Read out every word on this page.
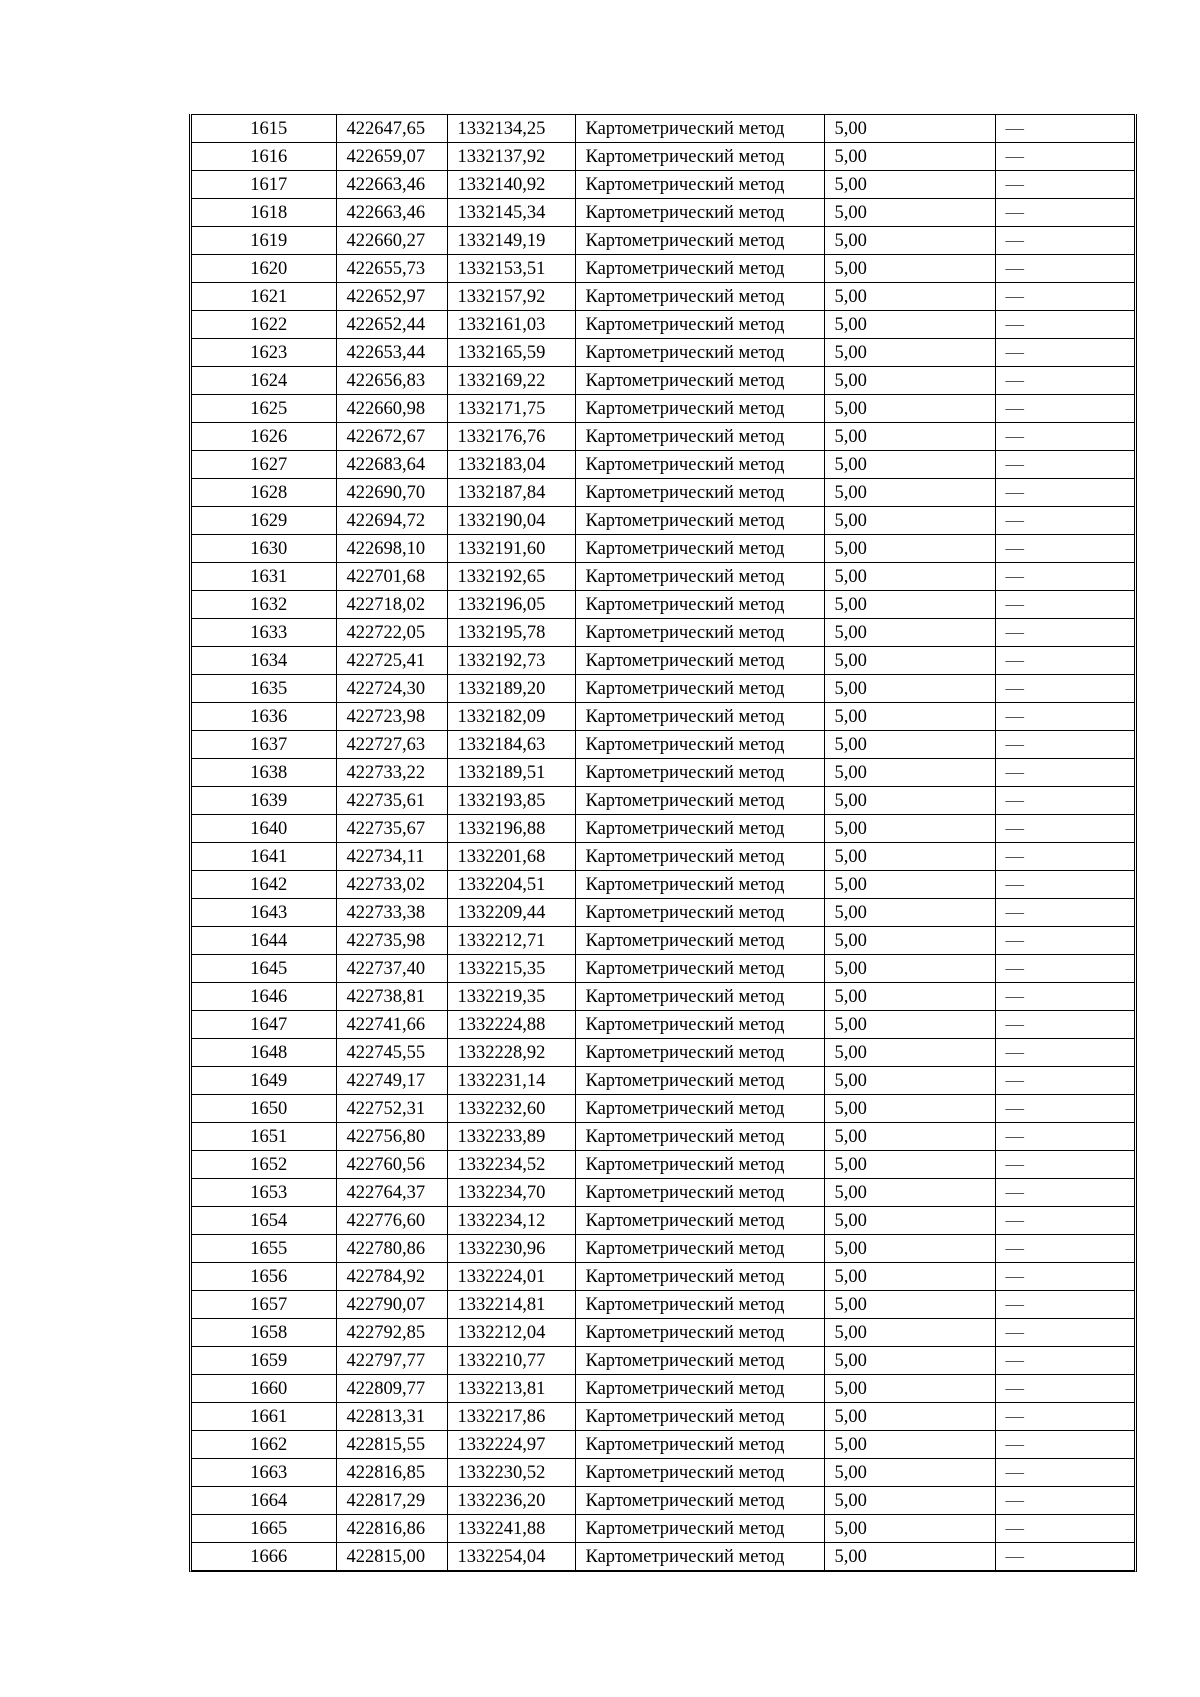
1615	422647,65	1332134,25	Картометрический метод	5,00	—
1616	422659,07	1332137,92	Картометрический метод	5,00	—
1617	422663,46	1332140,92	Картометрический метод	5,00	—
1618	422663,46	1332145,34	Картометрический метод	5,00	—
1619	422660,27	1332149,19	Картометрический метод	5,00	—
1620	422655,73	1332153,51	Картометрический метод	5,00	—
1621	422652,97	1332157,92	Картометрический метод	5,00	—
1622	422652,44	1332161,03	Картометрический метод	5,00	—
1623	422653,44	1332165,59	Картометрический метод	5,00	—
1624	422656,83	1332169,22	Картометрический метод	5,00	—
1625	422660,98	1332171,75	Картометрический метод	5,00	—
1626	422672,67	1332176,76	Картометрический метод	5,00	—
1627	422683,64	1332183,04	Картометрический метод	5,00	—
1628	422690,70	1332187,84	Картометрический метод	5,00	—
1629	422694,72	1332190,04	Картометрический метод	5,00	—
1630	422698,10	1332191,60	Картометрический метод	5,00	—
1631	422701,68	1332192,65	Картометрический метод	5,00	—
1632	422718,02	1332196,05	Картометрический метод	5,00	—
1633	422722,05	1332195,78	Картометрический метод	5,00	—
1634	422725,41	1332192,73	Картометрический метод	5,00	—
1635	422724,30	1332189,20	Картометрический метод	5,00	—
1636	422723,98	1332182,09	Картометрический метод	5,00	—
1637	422727,63	1332184,63	Картометрический метод	5,00	—
1638	422733,22	1332189,51	Картометрический метод	5,00	—
1639	422735,61	1332193,85	Картометрический метод	5,00	—
1640	422735,67	1332196,88	Картометрический метод	5,00	—
1641	422734,11	1332201,68	Картометрический метод	5,00	—
1642	422733,02	1332204,51	Картометрический метод	5,00	—
1643	422733,38	1332209,44	Картометрический метод	5,00	—
1644	422735,98	1332212,71	Картометрический метод	5,00	—
1645	422737,40	1332215,35	Картометрический метод	5,00	—
1646	422738,81	1332219,35	Картометрический метод	5,00	—
1647	422741,66	1332224,88	Картометрический метод	5,00	—
1648	422745,55	1332228,92	Картометрический метод	5,00	—
1649	422749,17	1332231,14	Картометрический метод	5,00	—
1650	422752,31	1332232,60	Картометрический метод	5,00	—
1651	422756,80	1332233,89	Картометрический метод	5,00	—
1652	422760,56	1332234,52	Картометрический метод	5,00	—
1653	422764,37	1332234,70	Картометрический метод	5,00	—
1654	422776,60	1332234,12	Картометрический метод	5,00	—
1655	422780,86	1332230,96	Картометрический метод	5,00	—
1656	422784,92	1332224,01	Картометрический метод	5,00	—
1657	422790,07	1332214,81	Картометрический метод	5,00	—
1658	422792,85	1332212,04	Картометрический метод	5,00	—
1659	422797,77	1332210,77	Картометрический метод	5,00	—
1660	422809,77	1332213,81	Картометрический метод	5,00	—
1661	422813,31	1332217,86	Картометрический метод	5,00	—
1662	422815,55	1332224,97	Картометрический метод	5,00	—
1663	422816,85	1332230,52	Картометрический метод	5,00	—
1664	422817,29	1332236,20	Картометрический метод	5,00	—
1665	422816,86	1332241,88	Картометрический метод	5,00	—
1666	422815,00	1332254,04	Картометрический метод	5,00	—
